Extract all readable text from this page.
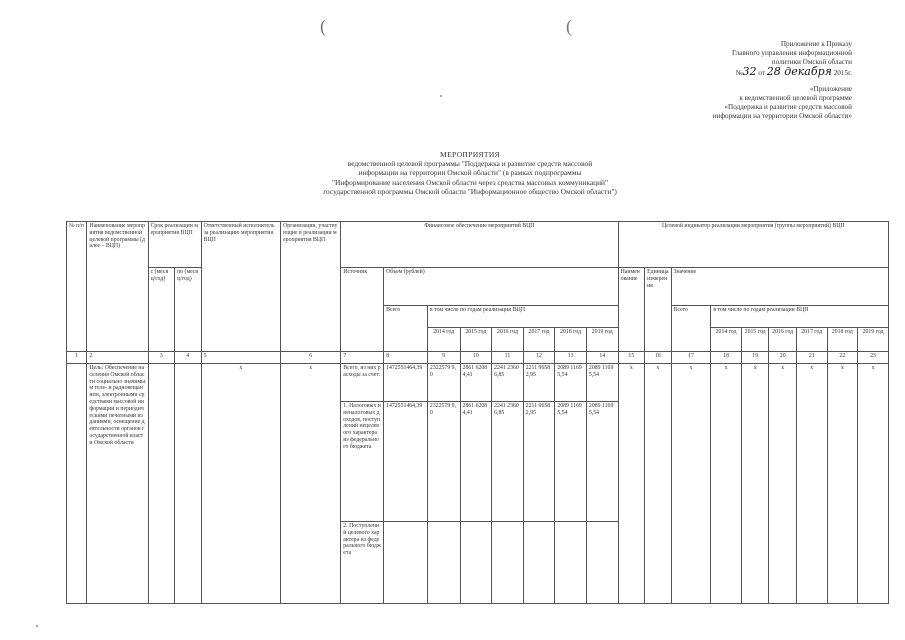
(	(
Приложение к Приказу
Главного управления информационной
политики Омской области
№32 от 28 декабря 2015г.
«Приложение
к ведомственной целевой программе
«Поддержка и развитие средств массовой
информации на территории Омской области»
МЕРОПРИЯТИЯ
ведомственной целевой программы "Поддержка и развитие средств массовой
информации на территории Омской области" (в рамках подпрограммы
"Информирование населения Омской области через средства массовых коммуникаций"
государственной программы Омской области "Информационное общество Омской области")
№ п/п	Наименование мероприятия ведомственной целевой программы (далее – ВЦП)	Срок реализации мероприятия ВЦП		Ответственный исполнитель за реализацию мероприятия ВЦП	Организации, участвующие в реализации мероприятия ВЦП	Финансовое обеспечение мероприятий ВЦП								Целевой индикатор реализации мероприятия (группы мероприятий) ВЦП								
		с (месяц/год)	по (месяц/год)			Источник	Объем (рублей)							Наименование	Единица измерения	Значение						
							Всего	в том числе по годам реализации ВЦП								Всего	в том числе по годам реализации ВЦП					
								2014 год	2015 год	2016 год	2017 год	2018 год	2019 год				2014 год	2015 год	2016 год	2017 год	2018 год	2019 год
1	2	3	4	5	6	7	8	9	10	11	12	13	14	15	16	17	18	19	20	21	22	23
	Цель: Обеспечение населения Омской области социально значимым теле- и радиовещанием, электронными средствами массовой информации и периодическими печатными изданиями, освещение деятельности органов государственной власти Омской области			x	x	Всего, из них расходы за счет:	1472551464,39	2322579 9,0	2861 6208 4,41	2241 2360 6,85	2211 9658 2,95	2089 1169 5,54	2089 1169 5,54	x	x	x	x	x	x	x	x	x
						1. Налоговых и неналоговых доходов, поступлений нецелевого характера из федерального бюджета	1472551464,39	2322579 9,0	2861 6208 4,41	2241 2360 6,85	2211 9658 2,95	2089 1169 5,54	2089 1169 5,54									
						2. Поступлений целевого характера из федерального бюджета																
